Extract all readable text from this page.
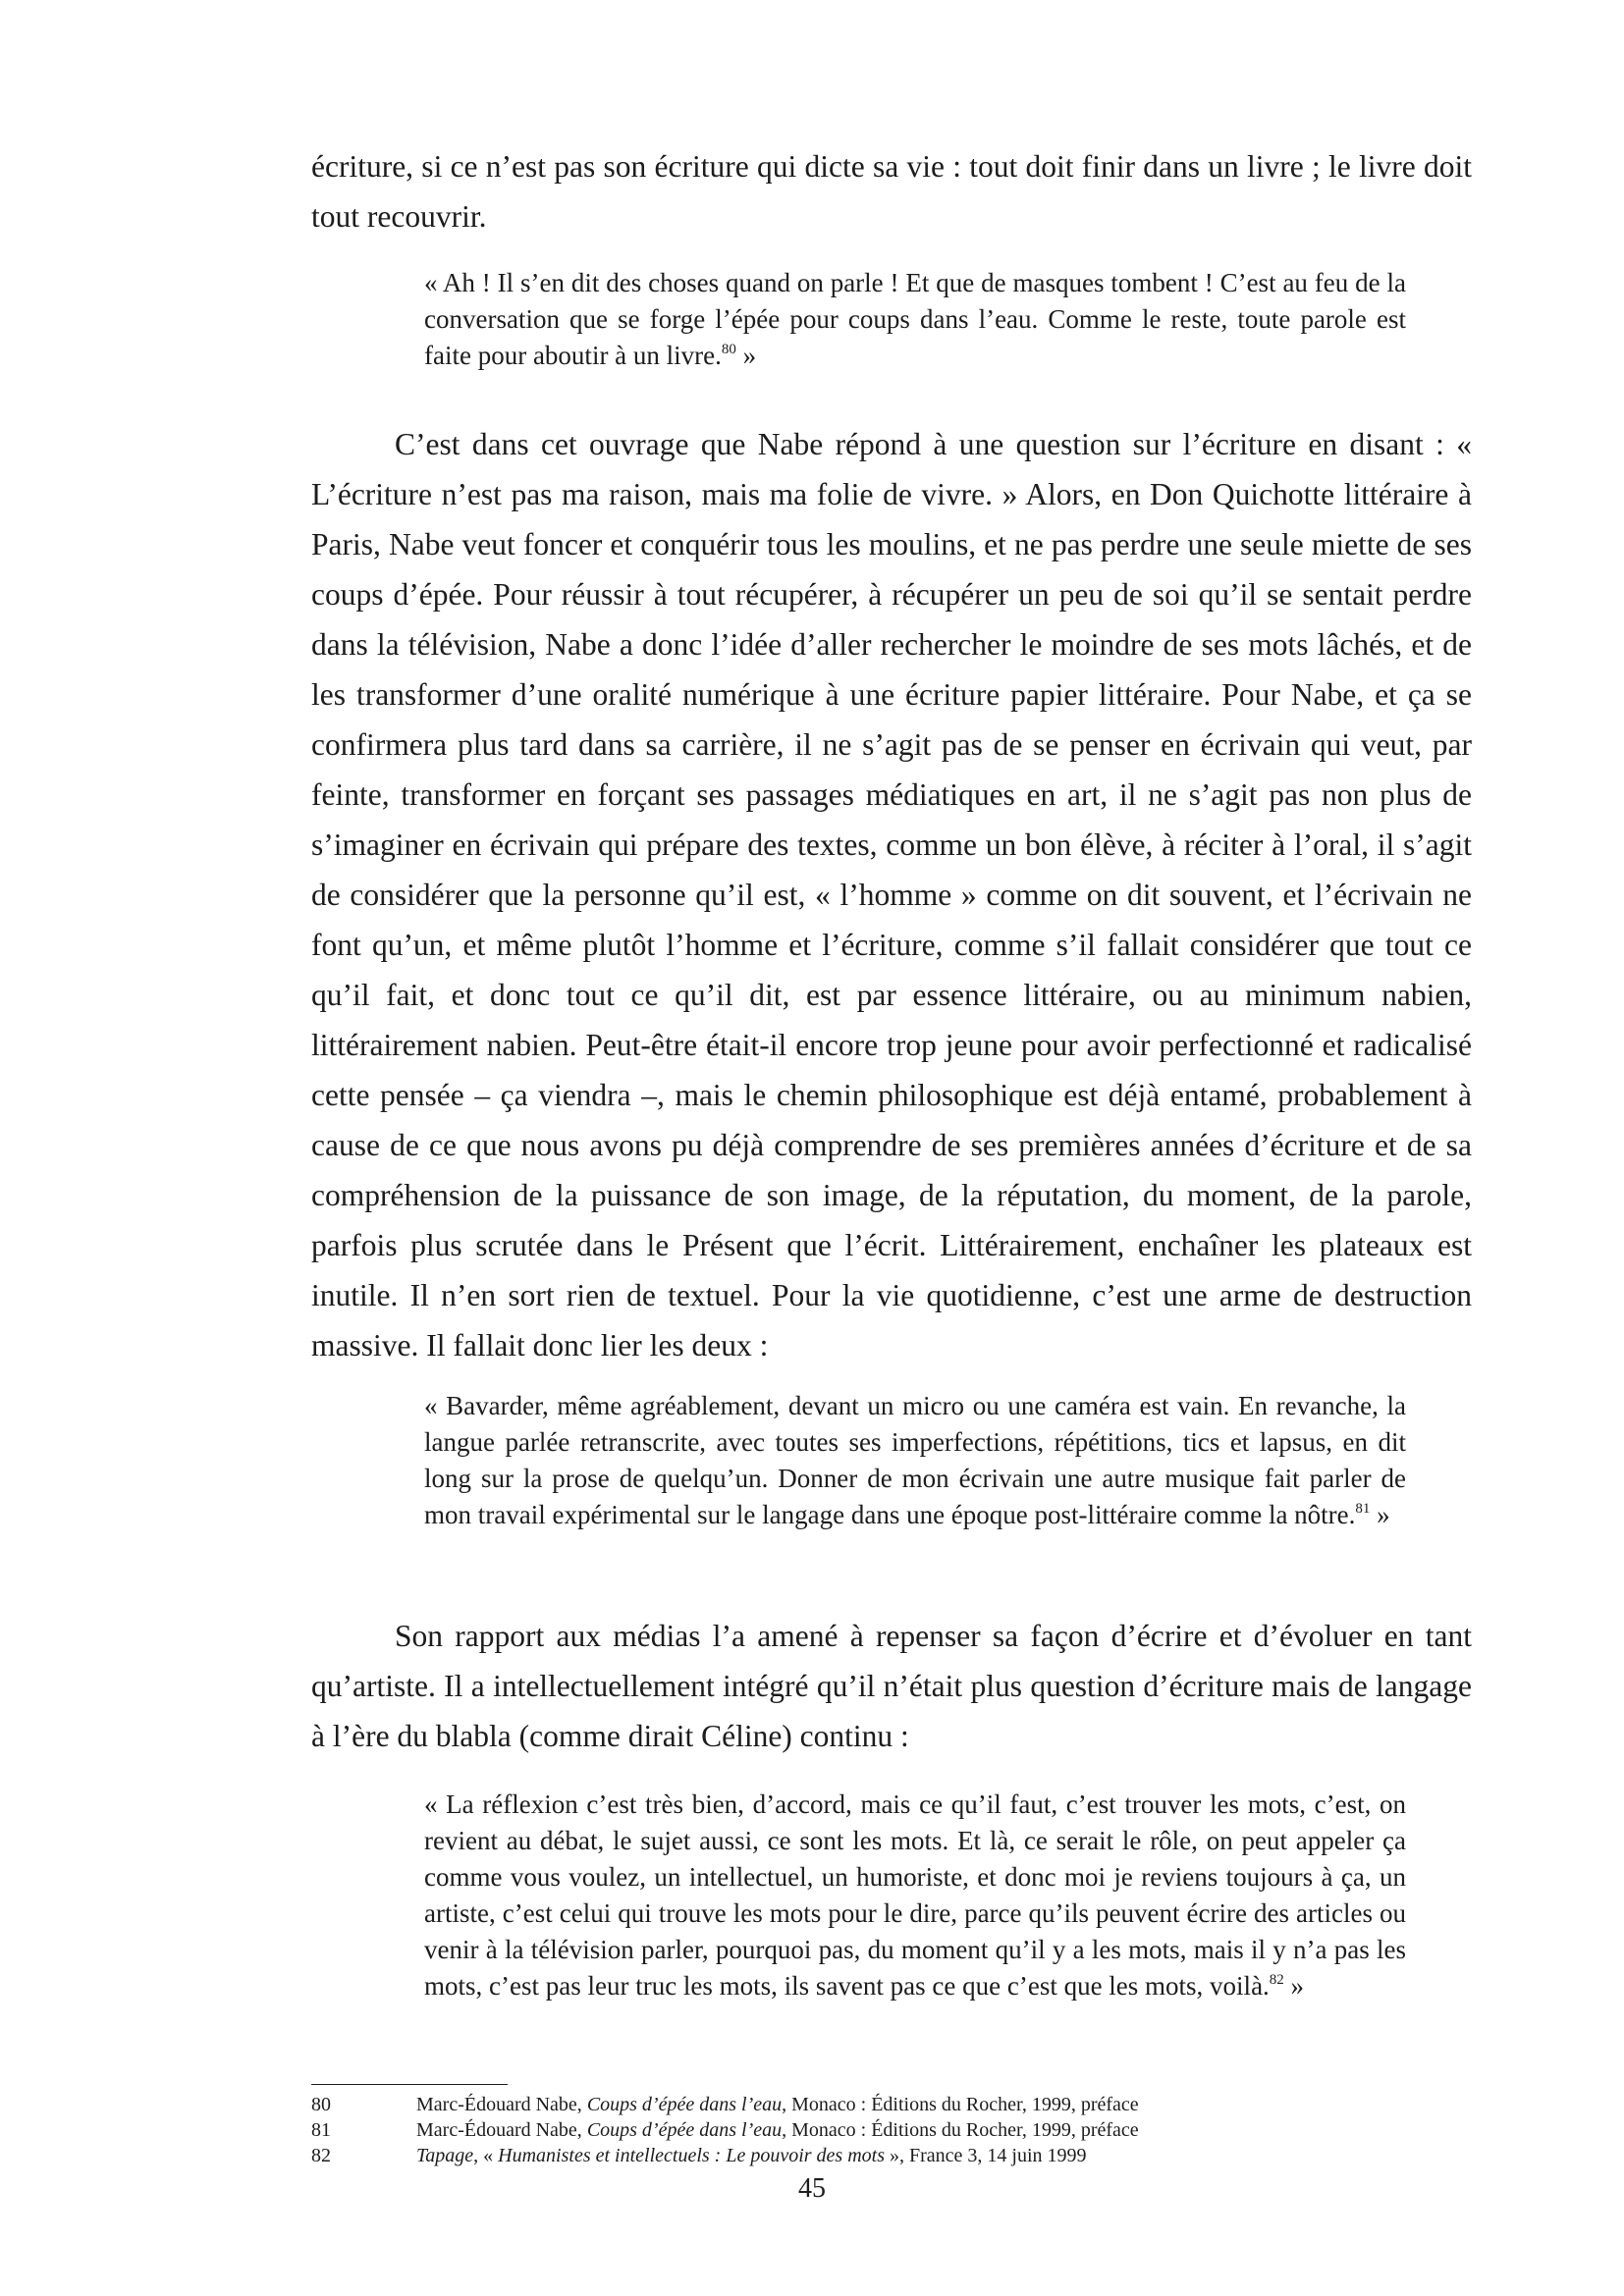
écriture, si ce n’est pas son écriture qui dicte sa vie : tout doit finir dans un livre ; le livre doit tout recouvrir.

« Ah ! Il s’en dit des choses quand on parle ! Et que de masques tombent ! C’est au feu de la conversation que se forge l’épée pour coups dans l’eau. Comme le reste, toute parole est faite pour aboutir à un livre.$^{80}$ »

C’est dans cet ouvrage que Nabe répond à une question sur l’écriture en disant : « L’écriture n’est pas ma raison, mais ma folie de vivre. » Alors, en Don Quichotte littéraire à Paris, Nabe veut foncer et conquérir tous les moulins, et ne pas perdre une seule miette de ses coups d’épée. Pour réussir à tout récupérer, à récupérer un peu de soi qu’il se sentait perdre dans la télévision, Nabe a donc l’idée d’aller rechercher le moindre de ses mots lâchés, et de les transformer d’une oralité numérique à une écriture papier littéraire. Pour Nabe, et ça se confirmera plus tard dans sa carrière, il ne s’agit pas de se penser en écrivain qui veut, par feinte, transformer en forçant ses passages médiatiques en art, il ne s’agit pas non plus de s’imaginer en écrivain qui prépare des textes, comme un bon élève, à réciter à l’oral, il s’agit de considérer que la personne qu’il est, « l’homme » comme on dit souvent, et l’écrivain ne font qu’un, et même plutôt l’homme et l’écriture, comme s’il fallait considérer que tout ce qu’il fait, et donc tout ce qu’il dit, est par essence littéraire, ou au minimum nabien, littérairement nabien. Peut-être était-il encore trop jeune pour avoir perfectionné et radicalisé cette pensée – ça viendra –, mais le chemin philosophique est déjà entamé, probablement à cause de ce que nous avons pu déjà comprendre de ses premières années d’écriture et de sa compréhension de la puissance de son image, de la réputation, du moment, de la parole, parfois plus scrutée dans le Présent que l’écrit. Littérairement, enchaîner les plateaux est inutile. Il n’en sort rien de textuel. Pour la vie quotidienne, c’est une arme de destruction massive. Il fallait donc lier les deux :

« Bavarder, même agréablement, devant un micro ou une caméra est vain. En revanche, la langue parlée retranscrite, avec toutes ses imperfections, répétitions, tics et lapsus, en dit long sur la prose de quelqu’un. Donner de mon écrivain une autre musique fait parler de mon travail expérimental sur le langage dans une époque post-littéraire comme la nôtre.$^{81}$ »

Son rapport aux médias l’a amené à repenser sa façon d’écrire et d’évoluer en tant qu’artiste. Il a intellectuellement intégré qu’il n’était plus question d’écriture mais de langage à l’ère du blabla (comme dirait Céline) continu :

« La réflexion c’est très bien, d’accord, mais ce qu’il faut, c’est trouver les mots, c’est, on revient au débat, le sujet aussi, ce sont les mots. Et là, ce serait le rôle, on peut appeler ça comme vous voulez, un intellectuel, un humoriste, et donc moi je reviens toujours à ça, un artiste, c’est celui qui trouve les mots pour le dire, parce qu’ils peuvent écrire des articles ou venir à la télévision parler, pourquoi pas, du moment qu’il y a les mots, mais il y n’a pas les mots, c’est pas leur truc les mots, ils savent pas ce que c’est que les mots, voilà.$^{82}$ »

80	Marc-Édouard Nabe, Coups d’épée dans l’eau, Monaco : Éditions du Rocher, 1999, préface
81	Marc-Édouard Nabe, Coups d’épée dans l’eau, Monaco : Éditions du Rocher, 1999, préface
82	Tapage, « Humanistes et intellectuels : Le pouvoir des mots », France 3, 14 juin 1999
45
